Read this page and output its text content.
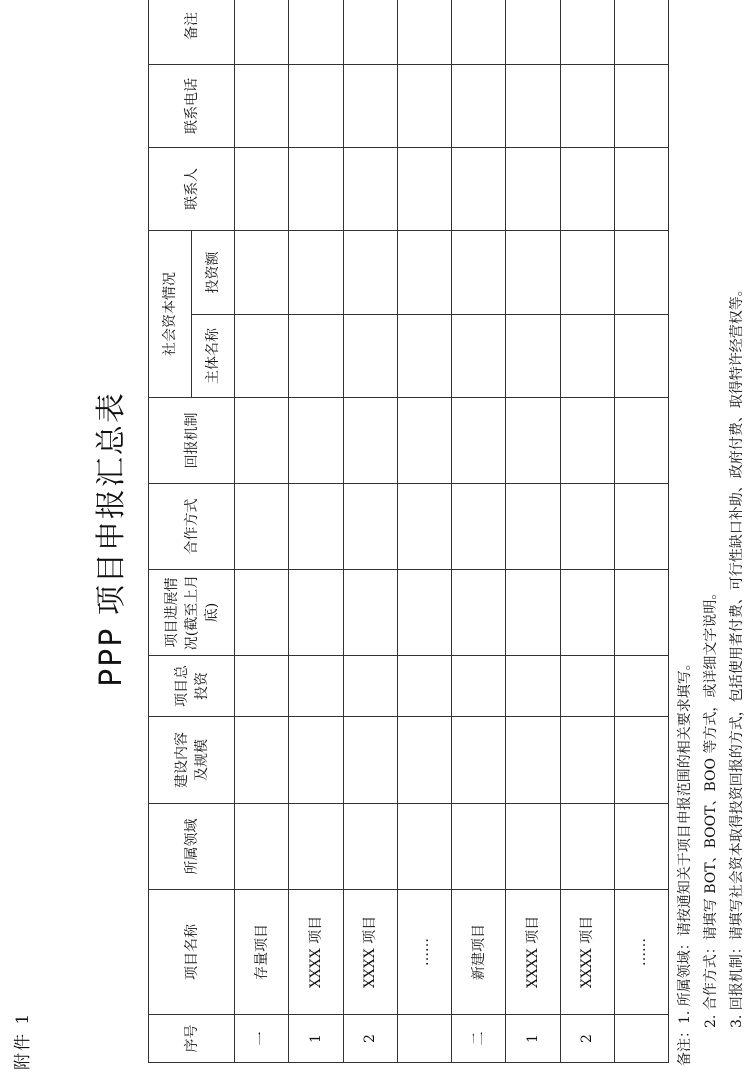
附件 1
PPP 项目申报汇总表
序号	项目名称	所属领域	建设内容及规模	项目总投资	项目进展情况(截至上月底)	合作方式	回报机制	社会资本情况		联系人	联系电话	备注
								主体名称	投资额			
一	存量项目											
1	XXXX 项目											
2	XXXX 项目											
	……											
二	新建项目											
1	XXXX 项目											
2	XXXX 项目											
	……											备注：1. 所属领域：请按通知关于项目申报范围的相关要求填写。 2. 合作方式：请填写 BOT、BOOT、BOO 等方式，或详细文字说明。 3. 回报机制：请填写社会资本取得投资回报的方式，包括使用者付费、可行性缺口补助、政府付费、取得特许经营权等。
